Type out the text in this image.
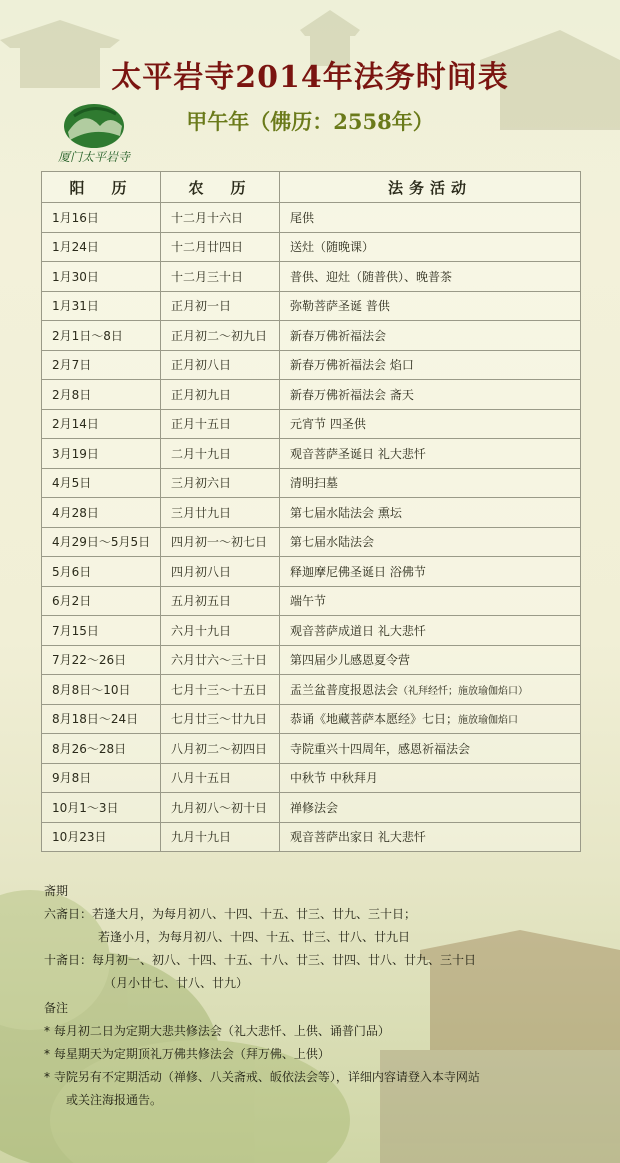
太平岩寺2014年法务时间表
甲午年（佛历：2558年）
厦门太平岩寺
阳　历	农　历	法务活动
1月16日	十二月十六日	尾供
1月24日	十二月廿四日	送灶（随晚课）
1月30日	十二月三十日	普供、迎灶（随普供）、晚普茶
1月31日	正月初一日	弥勒菩萨圣诞 普供
2月1日～8日	正月初二～初九日	新春万佛祈福法会
2月7日	正月初八日	新春万佛祈福法会 焰口
2月8日	正月初九日	新春万佛祈福法会 斋天
2月14日	正月十五日	元宵节 四圣供
3月19日	二月十九日	观音菩萨圣诞日 礼大悲忏
4月5日	三月初六日	清明扫墓
4月28日	三月廿九日	第七届水陆法会 熏坛
4月29日～5月5日	四月初一～初七日	第七届水陆法会
5月6日	四月初八日	释迦摩尼佛圣诞日 浴佛节
6月2日	五月初五日	端午节
7月15日	六月十九日	观音菩萨成道日 礼大悲忏
7月22～26日	六月廿六～三十日	第四届少儿感恩夏令营
8月8日～10日	七月十三～十五日	盂兰盆普度报恩法会（礼拜经忏；施放瑜伽焰口）
8月18日～24日	七月廿三～廿九日	恭诵《地藏菩萨本愿经》七日；施放瑜伽焰口
8月26～28日	八月初二～初四日	寺院重兴十四周年，感恩祈福法会
9月8日	八月十五日	中秋节 中秋拜月
10月1～3日	九月初八～初十日	禅修法会
10月23日	九月十九日	观音菩萨出家日 礼大悲忏
斋期
六斋日：若逢大月，为每月初八、十四、十五、廿三、廿九、三十日；
若逢小月，为每月初八、十四、十五、廿三、廿八、廿九日
十斋日：每月初一、初八、十四、十五、十八、廿三、廿四、廿八、廿九、三十日
（月小廿七、廿八、廿九）
备注
* 每月初二日为定期大悲共修法会（礼大悲忏、上供、诵普门品）
* 每星期天为定期顶礼万佛共修法会（拜万佛、上供）
* 寺院另有不定期活动（禅修、八关斋戒、皈依法会等），详细内容请登入本寺网站
或关注海报通告。
